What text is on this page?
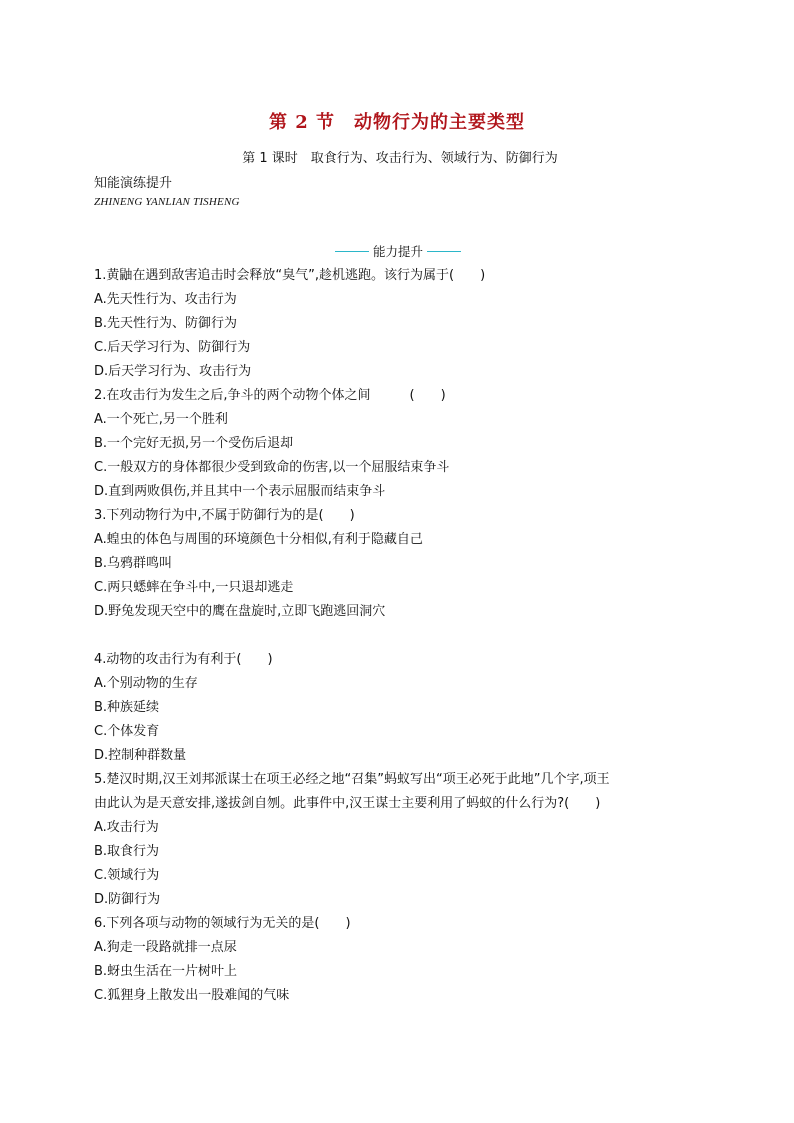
第 2 节　动物行为的主要类型
第 1 课时　取食行为、攻击行为、领域行为、防御行为
知能演练提升
ZHINENG YANLIAN TISHENG
能力提升
1.黄鼬在遇到敌害追击时会释放“臭气”,趁机逃跑。该行为属于(　　)
A.先天性行为、攻击行为
B.先天性行为、防御行为
C.后天学习行为、防御行为
D.后天学习行为、攻击行为
2.在攻击行为发生之后,争斗的两个动物个体之间　　　(　　)
A.一个死亡,另一个胜利
B.一个完好无损,另一个受伤后退却
C.一般双方的身体都很少受到致命的伤害,以一个屈服结束争斗
D.直到两败俱伤,并且其中一个表示屈服而结束争斗
3.下列动物行为中,不属于防御行为的是(　　)
A.蝗虫的体色与周围的环境颜色十分相似,有利于隐藏自己
B.乌鸦群鸣叫
C.两只蟋蟀在争斗中,一只退却逃走
D.野兔发现天空中的鹰在盘旋时,立即飞跑逃回洞穴
4.动物的攻击行为有利于(　　)
A.个别动物的生存
B.种族延续
C.个体发育
D.控制种群数量
5.楚汉时期,汉王刘邦派谋士在项王必经之地“召集”蚂蚁写出“项王必死于此地”几个字,项王
由此认为是天意安排,遂拔剑自刎。此事件中,汉王谋士主要利用了蚂蚁的什么行为?(　　)
A.攻击行为
B.取食行为
C.领域行为
D.防御行为
6.下列各项与动物的领域行为无关的是(　　)
A.狗走一段路就排一点尿
B.蚜虫生活在一片树叶上
C.狐狸身上散发出一股难闻的气味
